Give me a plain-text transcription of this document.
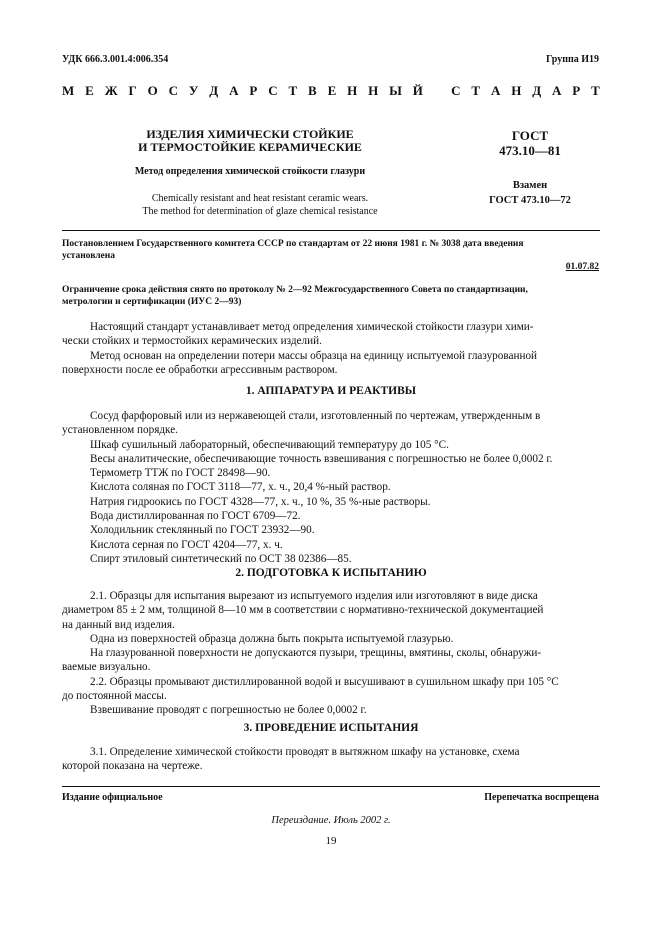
УДК 666.3.001.4:006.354	Группа И19
М Е Ж Г О С У Д А Р С Т В Е Н Н Ы Й
С Т А Н Д А Р Т
ИЗДЕЛИЯ ХИМИЧЕСКИ СТОЙКИЕ
И ТЕРМОСТОЙКИЕ КЕРАМИЧЕСКИЕ
Метод определения химической стойкости глазури
Chemically resistant and heat resistant ceramic wears.
The method for determination of glaze chemical resistance
ГОСТ
473.10—81
Взамен
ГОСТ 473.10—72
Постановлением Государственного комитета СССР по стандартам от 22 июня 1981 г. № 3038 дата введения
установлена
01.07.82
Ограничение срока действия снято по протоколу № 2—92 Межгосударственного Совета по стандартизации,
метрологии и сертификации (ИУС 2—93)
Настоящий стандарт устанавливает метод определения химической стойкости глазури хими-
чески стойких и термостойких керамических изделий.
Метод основан на определении потери массы образца на единицу испытуемой глазурованной
поверхности после ее обработки агрессивным раствором.
1. АППАРАТУРА И РЕАКТИВЫ
Сосуд фарфоровый или из нержавеющей стали, изготовленный по чертежам, утвержденным в
установленном порядке.
Шкаф сушильный лабораторный, обеспечивающий температуру до 105 °С.
Весы аналитические, обеспечивающие точность взвешивания с погрешностью не более 0,0002 г.
Термометр ТТЖ по ГОСТ 28498—90.
Кислота соляная по ГОСТ 3118—77, х. ч., 20,4 %-ный раствор.
Натрия гидроокись по ГОСТ 4328—77, х. ч., 10 %, 35 %-ные растворы.
Вода дистиллированная по ГОСТ 6709—72.
Холодильник стеклянный по ГОСТ 23932—90.
Кислота серная по ГОСТ 4204—77, х. ч.
Спирт этиловый синтетический по ОСТ 38 02386—85.
2. ПОДГОТОВКА К ИСПЫТАНИЮ
2.1. Образцы для испытания вырезают из испытуемого изделия или изготовляют в виде диска
диаметром 85 ± 2 мм, толщиной 8—10 мм в соответствии с нормативно-технической документацией
на данный вид изделия.
Одна из поверхностей образца должна быть покрыта испытуемой глазурью.
На глазурованной поверхности не допускаются пузыри, трещины, вмятины, сколы, обнаружи-
ваемые визуально.
2.2. Образцы промывают дистиллированной водой и высушивают в сушильном шкафу при 105 °С
до постоянной массы.
Взвешивание проводят с погрешностью не более 0,0002 г.
3. ПРОВЕДЕНИЕ ИСПЫТАНИЯ
3.1. Определение химической стойкости проводят в вытяжном шкафу на установке, схема
которой показана на чертеже.
Издание официальное	Перепечатка воспрещена
Переиздание. Июль 2002 г.
19
